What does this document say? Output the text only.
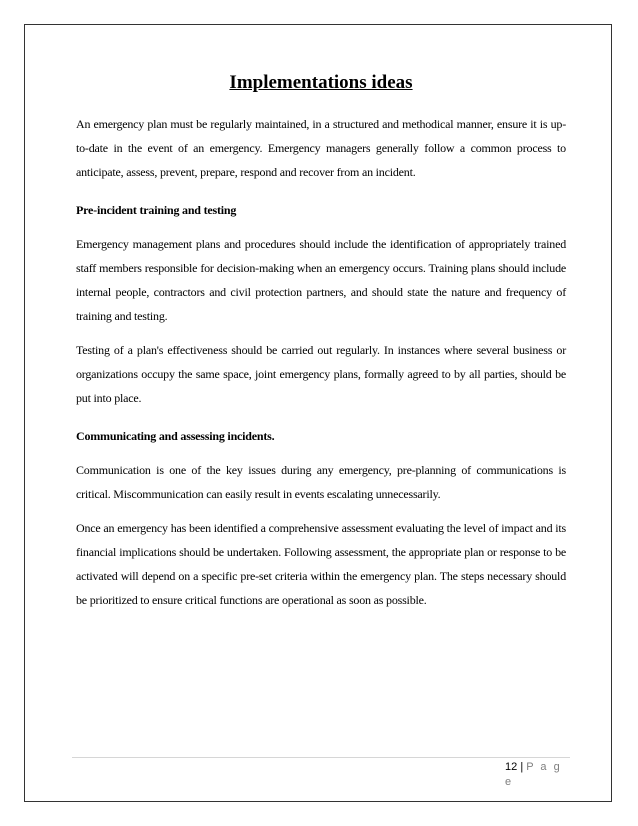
Implementations ideas

An emergency plan must be regularly maintained, in a structured and methodical manner, ensure it is up-to-date in the event of an emergency. Emergency managers generally follow a common process to anticipate, assess, prevent, prepare, respond and recover from an incident.

Pre-incident training and testing

Emergency management plans and procedures should include the identification of appropriately trained staff members responsible for decision-making when an emergency occurs. Training plans should include internal people, contractors and civil protection partners, and should state the nature and frequency of training and testing.

Testing of a plan's effectiveness should be carried out regularly. In instances where several business or organizations occupy the same space, joint emergency plans, formally agreed to by all parties, should be put into place.

Communicating and assessing incidents.

Communication is one of the key issues during any emergency, pre-planning of communications is critical. Miscommunication can easily result in events escalating unnecessarily.

Once an emergency has been identified a comprehensive assessment evaluating the level of impact and its financial implications should be undertaken. Following assessment, the appropriate plan or response to be activated will depend on a specific pre-set criteria within the emergency plan. The steps necessary should be prioritized to ensure critical functions are operational as soon as possible.

12 | P a g e
